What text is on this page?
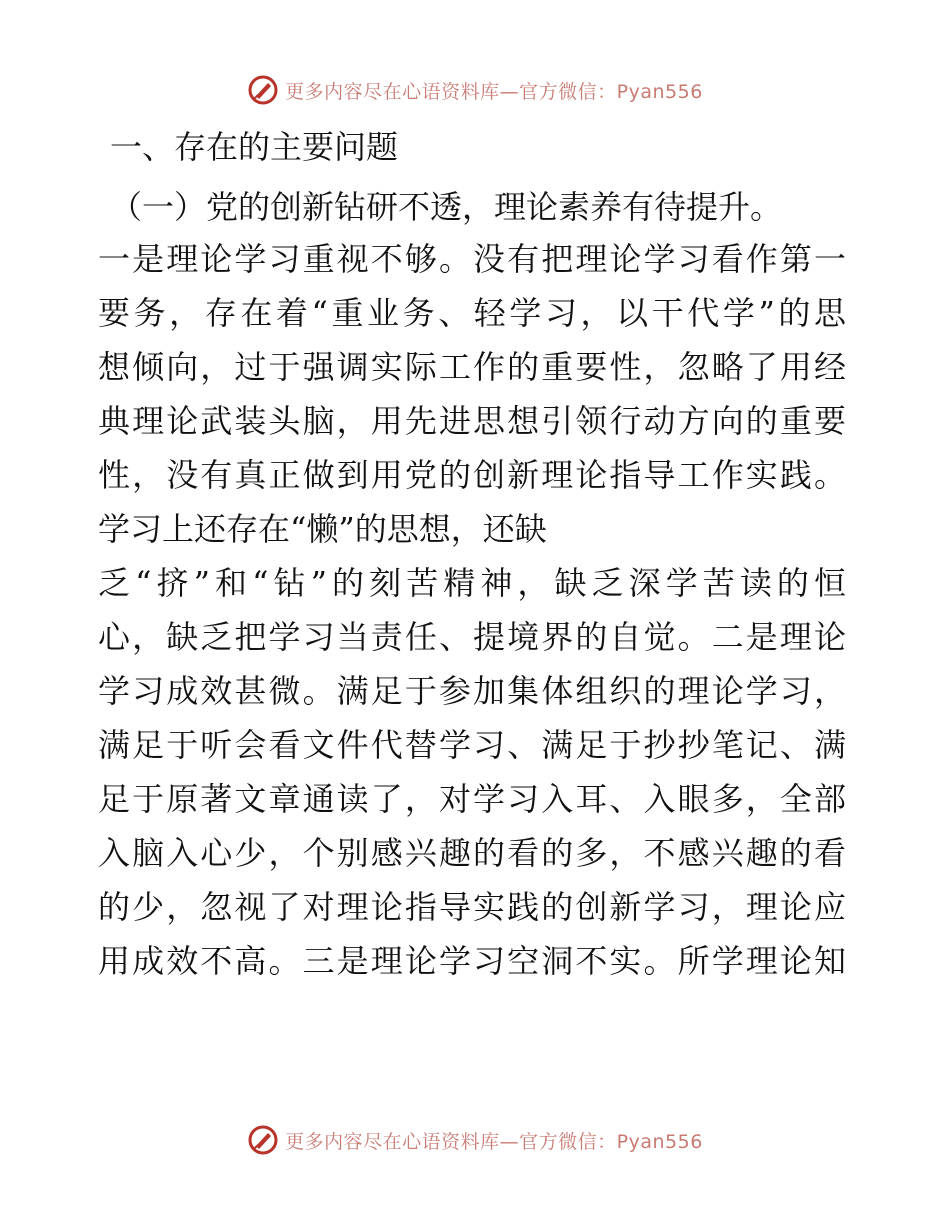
更多内容尽在心语资料库—官方微信：Pyan556
一、存在的主要问题
（一）党的创新钻研不透，理论素养有待提升。
一是理论学习重视不够。没有把理论学习看作第一
要务，存在着“重业务、轻学习，以干代学”的思
想倾向，过于强调实际工作的重要性，忽略了用经
典理论武装头脑，用先进思想引领行动方向的重要
性，没有真正做到用党的创新理论指导工作实践。
学习上还存在“懒”的思想，还缺
乏“挤”和“钻”的刻苦精神，缺乏深学苦读的恒
心，缺乏把学习当责任、提境界的自觉。二是理论
学习成效甚微。满足于参加集体组织的理论学习，
满足于听会看文件代替学习、满足于抄抄笔记、满
足于原著文章通读了，对学习入耳、入眼多，全部
入脑入心少，个别感兴趣的看的多，不感兴趣的看
的少，忽视了对理论指导实践的创新学习，理论应
用成效不高。三是理论学习空洞不实。所学理论知
更多内容尽在心语资料库—官方微信：Pyan556
